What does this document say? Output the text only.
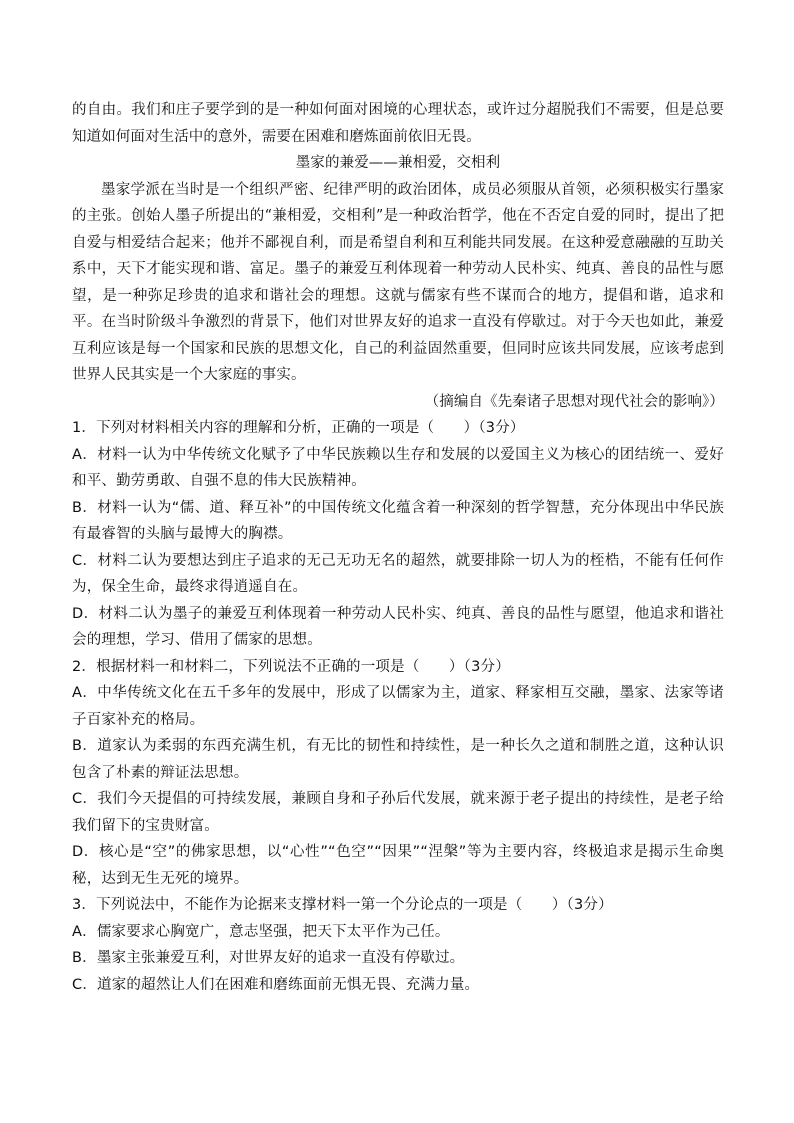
的自由。我们和庄子要学到的是一种如何面对困境的心理状态，或许过分超脱我们不需要，但是总要知道如何面对生活中的意外，需要在困难和磨炼面前依旧无畏。

墨家的兼爱——兼相爱，交相利

墨家学派在当时是一个组织严密、纪律严明的政治团体，成员必须服从首领，必须积极实行墨家的主张。创始人墨子所提出的“兼相爱，交相利”是一种政治哲学，他在不否定自爱的同时，提出了把自爱与相爱结合起来；他并不鄙视自利，而是希望自利和互利能共同发展。在这种爱意融融的互助关系中，天下才能实现和谐、富足。墨子的兼爱互利体现着一种劳动人民朴实、纯真、善良的品性与愿望，是一种弥足珍贵的追求和谐社会的理想。这就与儒家有些不谋而合的地方，提倡和谐，追求和平。在当时阶级斗争激烈的背景下，他们对世界友好的追求一直没有停歇过。对于今天也如此，兼爱互利应该是每一个国家和民族的思想文化，自己的利益固然重要，但同时应该共同发展，应该考虑到世界人民其实是一个大家庭的事实。

（摘编自《先秦诸子思想对现代社会的影响》）

1．下列对材料相关内容的理解和分析，正确的一项是（　　）（3分）

A．材料一认为中华传统文化赋予了中华民族赖以生存和发展的以爱国主义为核心的团结统一、爱好和平、勤劳勇敢、自强不息的伟大民族精神。

B．材料一认为“儒、道、释互补”的中国传统文化蕴含着一种深刻的哲学智慧，充分体现出中华民族有最睿智的头脑与最博大的胸襟。

C．材料二认为要想达到庄子追求的无己无功无名的超然，就要排除一切人为的桎梏，不能有任何作为，保全生命，最终求得逍遥自在。

D．材料二认为墨子的兼爱互利体现着一种劳动人民朴实、纯真、善良的品性与愿望，他追求和谐社会的理想，学习、借用了儒家的思想。

2．根据材料一和材料二，下列说法不正确的一项是（　　）（3分）

A．中华传统文化在五千多年的发展中，形成了以儒家为主，道家、释家相互交融，墨家、法家等诸子百家补充的格局。

B．道家认为柔弱的东西充满生机，有无比的韧性和持续性，是一种长久之道和制胜之道，这种认识包含了朴素的辩证法思想。

C．我们今天提倡的可持续发展，兼顾自身和子孙后代发展，就来源于老子提出的持续性，是老子给我们留下的宝贵财富。

D．核心是“空”的佛家思想，以“心性”“色空”“因果”“涅槃”等为主要内容，终极追求是揭示生命奥秘，达到无生无死的境界。

3．下列说法中，不能作为论据来支撑材料一第一个分论点的一项是（　　）（3分）

A．儒家要求心胸宽广，意志坚强，把天下太平作为己任。

B．墨家主张兼爱互利，对世界友好的追求一直没有停歇过。

C．道家的超然让人们在困难和磨练面前无惧无畏、充满力量。
